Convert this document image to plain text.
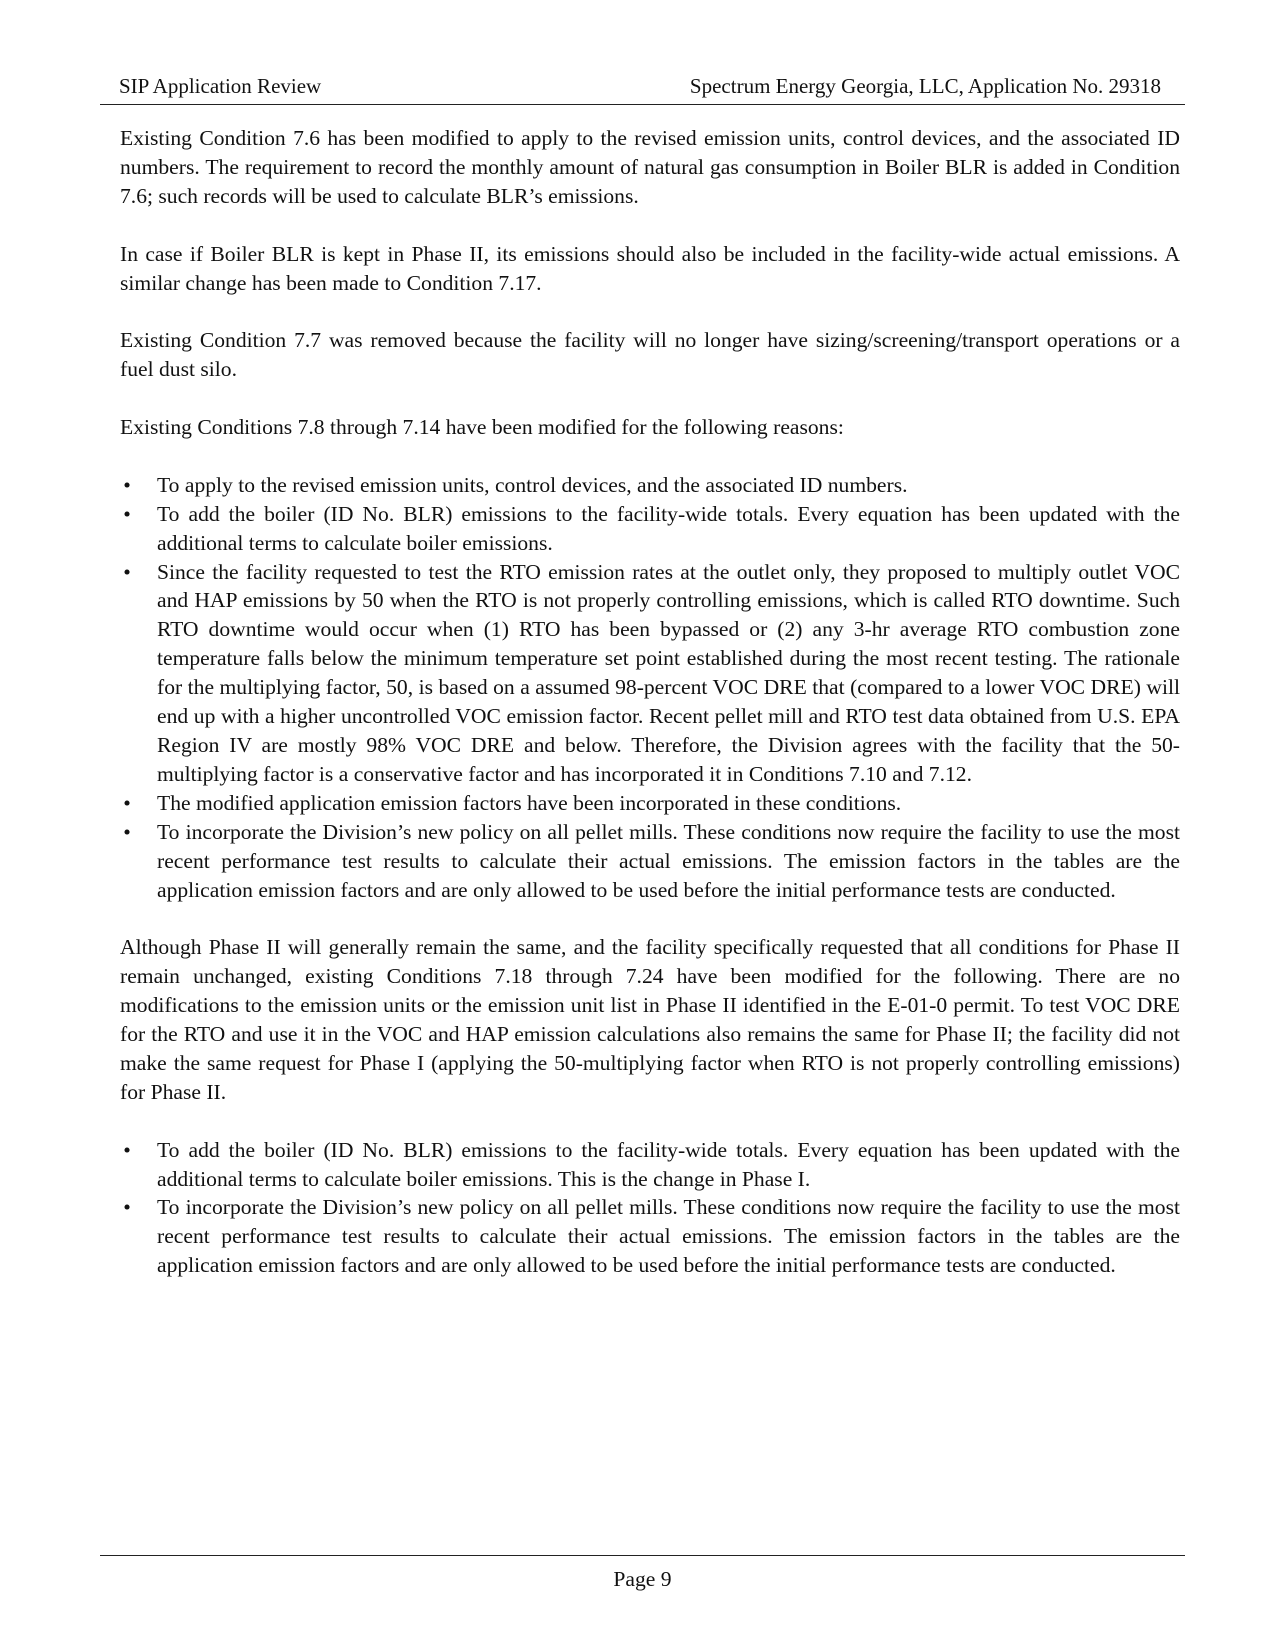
SIP Application Review	Spectrum Energy Georgia, LLC, Application No. 29318

Existing Condition 7.6 has been modified to apply to the revised emission units, control devices, and the associated ID numbers. The requirement to record the monthly amount of natural gas consumption in Boiler BLR is added in Condition 7.6; such records will be used to calculate BLR’s emissions.

In case if Boiler BLR is kept in Phase II, its emissions should also be included in the facility-wide actual emissions. A similar change has been made to Condition 7.17.

Existing Condition 7.7 was removed because the facility will no longer have sizing/screening/transport operations or a fuel dust silo.

Existing Conditions 7.8 through 7.14 have been modified for the following reasons:

• To apply to the revised emission units, control devices, and the associated ID numbers.
• To add the boiler (ID No. BLR) emissions to the facility-wide totals. Every equation has been updated with the additional terms to calculate boiler emissions.
• Since the facility requested to test the RTO emission rates at the outlet only, they proposed to multiply outlet VOC and HAP emissions by 50 when the RTO is not properly controlling emissions, which is called RTO downtime. Such RTO downtime would occur when (1) RTO has been bypassed or (2) any 3-hr average RTO combustion zone temperature falls below the minimum temperature set point established during the most recent testing. The rationale for the multiplying factor, 50, is based on a assumed 98-percent VOC DRE that (compared to a lower VOC DRE) will end up with a higher uncontrolled VOC emission factor. Recent pellet mill and RTO test data obtained from U.S. EPA Region IV are mostly 98% VOC DRE and below. Therefore, the Division agrees with the facility that the 50-multiplying factor is a conservative factor and has incorporated it in Conditions 7.10 and 7.12.
• The modified application emission factors have been incorporated in these conditions.
• To incorporate the Division’s new policy on all pellet mills. These conditions now require the facility to use the most recent performance test results to calculate their actual emissions. The emission factors in the tables are the application emission factors and are only allowed to be used before the initial performance tests are conducted.

Although Phase II will generally remain the same, and the facility specifically requested that all conditions for Phase II remain unchanged, existing Conditions 7.18 through 7.24 have been modified for the following. There are no modifications to the emission units or the emission unit list in Phase II identified in the E-01-0 permit. To test VOC DRE for the RTO and use it in the VOC and HAP emission calculations also remains the same for Phase II; the facility did not make the same request for Phase I (applying the 50-multiplying factor when RTO is not properly controlling emissions) for Phase II.

• To add the boiler (ID No. BLR) emissions to the facility-wide totals. Every equation has been updated with the additional terms to calculate boiler emissions. This is the change in Phase I.
• To incorporate the Division’s new policy on all pellet mills. These conditions now require the facility to use the most recent performance test results to calculate their actual emissions. The emission factors in the tables are the application emission factors and are only allowed to be used before the initial performance tests are conducted.
Page 9
